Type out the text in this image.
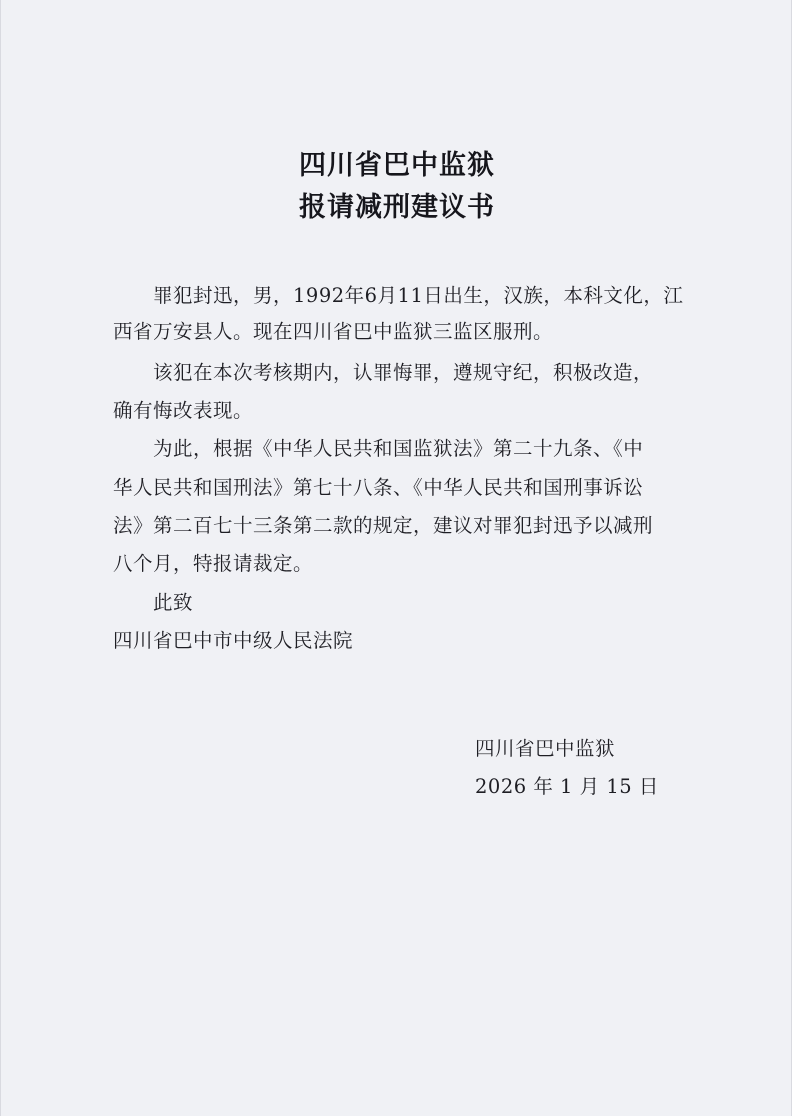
四川省巴中监狱
报请减刑建议书
罪犯封迅，男，1992年6月11日出生，汉族，本科文化，江
西省万安县人。现在四川省巴中监狱三监区服刑。
该犯在本次考核期内，认罪悔罪，遵规守纪，积极改造，
确有悔改表现。
为此，根据《中华人民共和国监狱法》第二十九条、《中
华人民共和国刑法》第七十八条、《中华人民共和国刑事诉讼
法》第二百七十三条第二款的规定，建议对罪犯封迅予以减刑
八个月，特报请裁定。
此致
四川省巴中市中级人民法院
四川省巴中监狱
2026 年 1 月 15 日
